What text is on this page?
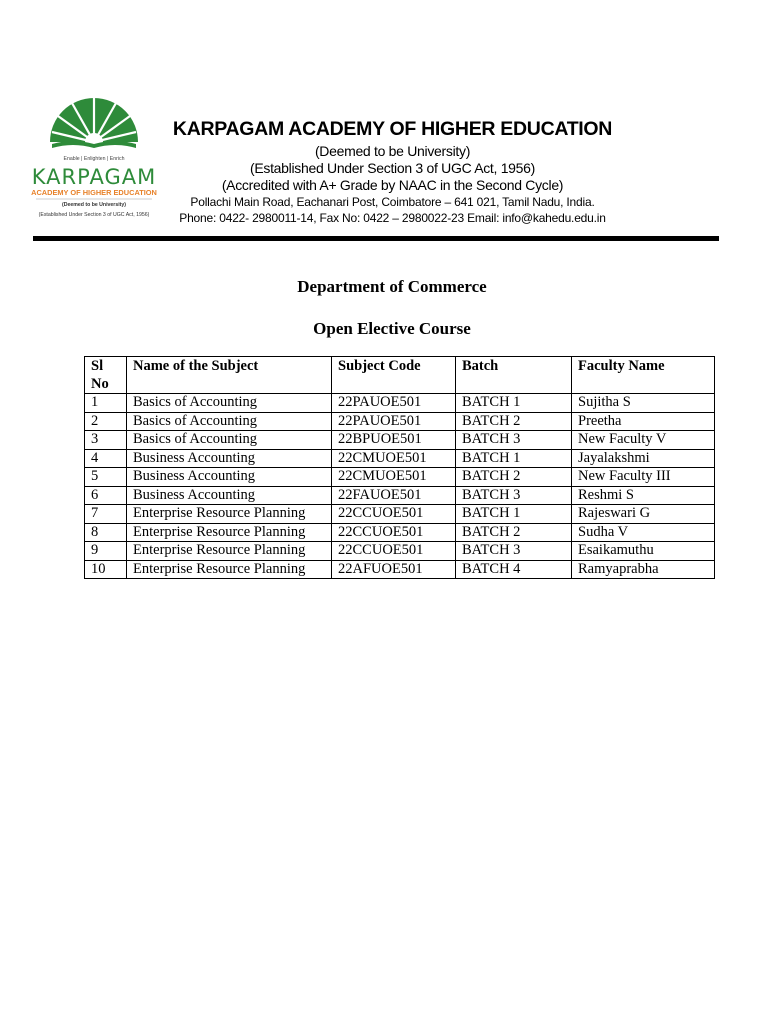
Enable | Enlighten | Enrich
KARPAGAM
ACADEMY OF HIGHER EDUCATION
(Deemed to be University)
(Established Under Section 3 of UGC Act, 1956)
KARPAGAM ACADEMY OF HIGHER EDUCATION
(Deemed to be University)
(Established Under Section 3 of UGC Act, 1956)
(Accredited with A+ Grade by NAAC in the Second Cycle)
Pollachi Main Road, Eachanari Post, Coimbatore – 641 021, Tamil Nadu, India.
Phone: 0422- 2980011-14, Fax No: 0422 – 2980022-23 Email: info@kahedu.edu.in
Department of Commerce
Open Elective Course
Sl No	Name of the Subject	Subject Code	Batch	Faculty Name
1	Basics of Accounting	22PAUOE501	BATCH 1	Sujitha S
2	Basics of Accounting	22PAUOE501	BATCH 2	Preetha
3	Basics of Accounting	22BPUOE501	BATCH 3	New Faculty V
4	Business Accounting	22CMUOE501	BATCH 1	Jayalakshmi
5	Business Accounting	22CMUOE501	BATCH 2	New Faculty III
6	Business Accounting	22FAUOE501	BATCH 3	Reshmi S
7	Enterprise Resource Planning	22CCUOE501	BATCH 1	Rajeswari G
8	Enterprise Resource Planning	22CCUOE501	BATCH 2	Sudha V
9	Enterprise Resource Planning	22CCUOE501	BATCH 3	Esaikamuthu
10	Enterprise Resource Planning	22AFUOE501	BATCH 4	Ramyaprabha
